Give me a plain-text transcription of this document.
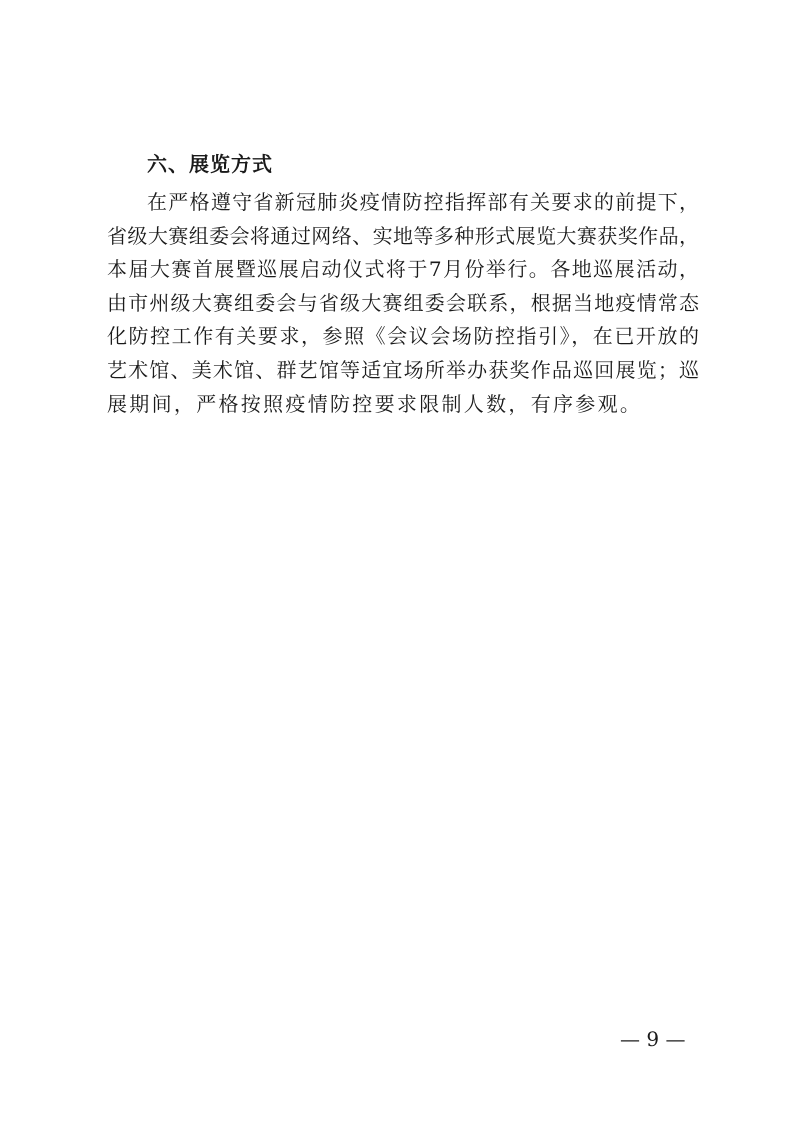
六、展览方式
在严格遵守省新冠肺炎疫情防控指挥部有关要求的前提下，
省级大赛组委会将通过网络、实地等多种形式展览大赛获奖作品，
本届大赛首展暨巡展启动仪式将于7月份举行。各地巡展活动，
由市州级大赛组委会与省级大赛组委会联系，根据当地疫情常态
化防控工作有关要求，参照《会议会场防控指引》，在已开放的
艺术馆、美术馆、群艺馆等适宜场所举办获奖作品巡回展览；巡
展期间，严格按照疫情防控要求限制人数，有序参观。
— 9 —
